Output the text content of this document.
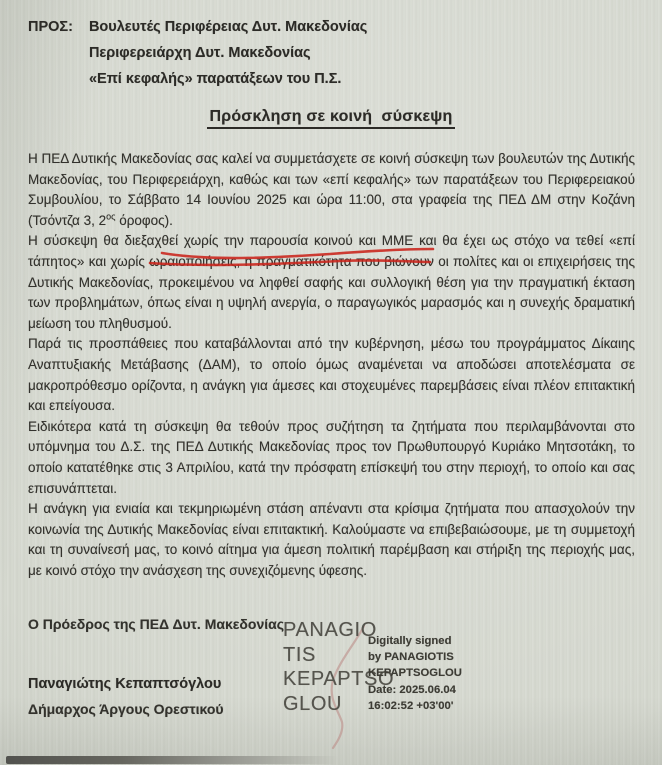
ΠΡΟΣ: Βουλευτές Περιφέρειας Δυτ. Μακεδονίας
Περιφερειάρχη Δυτ. Μακεδονίας
«Επί κεφαλής» παρατάξεων του Π.Σ.
Πρόσκληση σε κοινή  σύσκεψη

Η ΠΕΔ Δυτικής Μακεδονίας σας καλεί να συμμετάσχετε σε κοινή σύσκεψη των βουλευτών της Δυτικής Μακεδονίας, του Περιφερειάρχη, καθώς και των «επί κεφαλής» των παρατάξεων του Περιφερειακού Συμβουλίου, το Σάββατο 14 Ιουνίου 2025 και ώρα 11:00, στα γραφεία της ΠΕΔ ΔΜ στην Κοζάνη (Τσόντζα 3, $2^{o\varsigma}$ όροφος).

Η σύσκεψη θα διεξαχθεί χωρίς την παρουσία κοινού και ΜΜΕ και θα έχει ως στόχο να τεθεί «επί τάπητος» και χωρίς ωραιοποιήσεις, η πραγματικότητα που βιώνουν οι πολίτες και οι επιχειρήσεις της Δυτικής Μακεδονίας, προκειμένου να ληφθεί σαφής και συλλογική θέση για την πραγματική έκταση των προβλημάτων, όπως είναι η υψηλή ανεργία, ο παραγωγικός μαρασμός και η συνεχής δραματική μείωση του πληθυσμού.

Παρά τις προσπάθειες που καταβάλλονται από την κυβέρνηση, μέσω του προγράμματος Δίκαιης Αναπτυξιακής Μετάβασης (ΔΑΜ), το οποίο όμως αναμένεται να αποδώσει αποτελέσματα σε μακροπρόθεσμο ορίζοντα, η ανάγκη για άμεσες και στοχευμένες παρεμβάσεις είναι πλέον επιτακτική και επείγουσα.

Ειδικότερα κατά τη σύσκεψη θα τεθούν προς συζήτηση τα ζητήματα που περιλαμβάνονται στο υπόμνημα του Δ.Σ. της ΠΕΔ Δυτικής Μακεδονίας προς τον Πρωθυπουργό Κυριάκο Μητσοτάκη, το οποίο κατατέθηκε στις 3 Απριλίου, κατά την πρόσφατη επίσκεψή του στην περιοχή, το οποίο και σας επισυνάπτεται.

Η ανάγκη για ενιαία και τεκμηριωμένη στάση απέναντι στα κρίσιμα ζητήματα που απασχολούν την κοινωνία της Δυτικής Μακεδονίας είναι επιτακτική. Καλούμαστε να επιβεβαιώσουμε, με τη συμμετοχή και τη συναίνεσή μας, το κοινό αίτημα για άμεση πολιτική παρέμβαση και στήριξη της περιοχής μας, με κοινό στόχο την ανάσχεση της συνεχιζόμενης ύφεσης.

Ο Πρόεδρος της ΠΕΔ Δυτ. Μακεδονίας
Παναγιώτης Κεπαπτσόγλου
Δήμαρχος Άργους Ορεστικού
PANAGIO
TIS
KEPAPTSO
GLOU
Digitally signed
by PANAGIOTIS
KEPAPTSOGLOU
Date: 2025.06.04
16:02:52 +03'00'
